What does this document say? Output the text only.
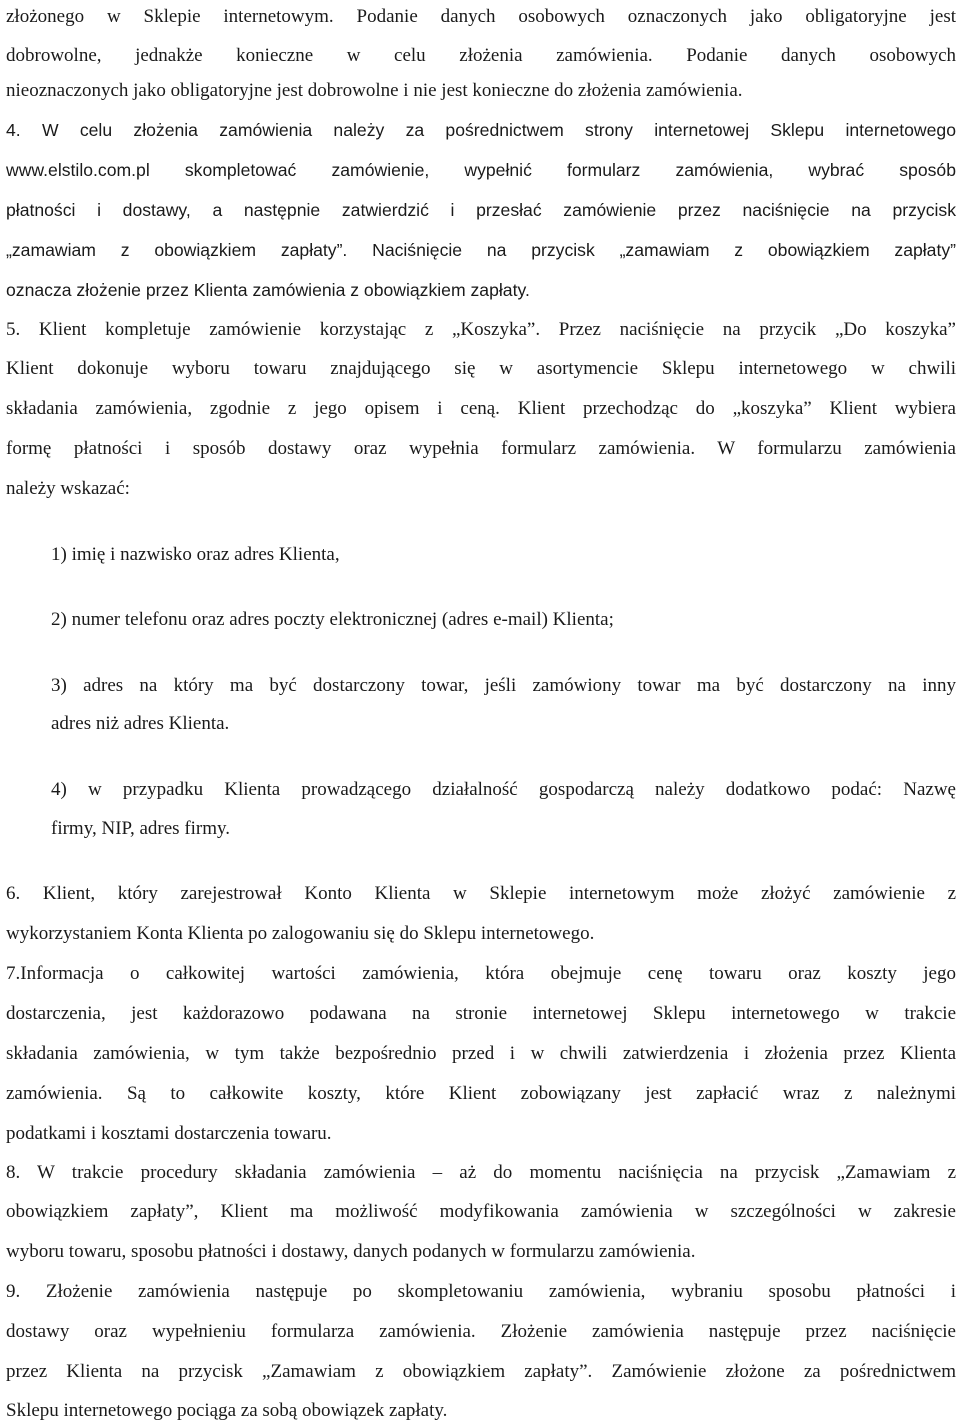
złożonego w Sklepie internetowym. Podanie danych osobowych oznaczonych jako obligatoryjne jest
dobrowolne, jednakże konieczne w celu złożenia zamówienia. Podanie danych osobowych
nieoznaczonych jako obligatoryjne jest dobrowolne i nie jest konieczne do złożenia zamówienia.
4. W celu złożenia zamówienia należy za pośrednictwem strony internetowej Sklepu internetowego
www.elstilo.com.pl skompletować zamówienie, wypełnić formularz zamówienia, wybrać sposób
płatności i dostawy, a następnie zatwierdzić i przesłać zamówienie przez naciśnięcie na przycisk
„zamawiam z obowiązkiem zapłaty”. Naciśnięcie na przycisk „zamawiam z obowiązkiem zapłaty”
oznacza złożenie przez Klienta zamówienia z obowiązkiem zapłaty.
5. Klient kompletuje zamówienie korzystając z „Koszyka”. Przez naciśnięcie na przycik „Do koszyka”
Klient dokonuje wyboru towaru znajdującego się w asortymencie Sklepu internetowego w chwili
składania zamówienia, zgodnie z jego opisem i ceną. Klient przechodząc do „koszyka” Klient wybiera
formę płatności i sposób dostawy oraz wypełnia formularz zamówienia. W formularzu zamówienia
należy wskazać:
1) imię i nazwisko oraz adres Klienta,
2) numer telefonu oraz adres poczty elektronicznej (adres e-mail) Klienta;
3) adres na który ma być dostarczony towar, jeśli zamówiony towar ma być dostarczony na inny
adres niż adres Klienta.
4) w przypadku Klienta prowadzącego działalność gospodarczą należy dodatkowo podać: Nazwę
firmy, NIP, adres firmy.
6. Klient, który zarejestrował Konto Klienta w Sklepie internetowym może złożyć zamówienie z
wykorzystaniem Konta Klienta po zalogowaniu się do Sklepu internetowego.
7.Informacja o całkowitej wartości zamówienia, która obejmuje cenę towaru oraz koszty jego
dostarczenia, jest każdorazowo podawana na stronie internetowej Sklepu internetowego w trakcie
składania zamówienia, w tym także bezpośrednio przed i w chwili zatwierdzenia i złożenia przez Klienta
zamówienia. Są to całkowite koszty, które Klient zobowiązany jest zapłacić wraz z należnymi
podatkami i kosztami dostarczenia towaru.
8. W trakcie procedury składania zamówienia – aż do momentu naciśnięcia na przycisk „Zamawiam z
obowiązkiem zapłaty”, Klient ma możliwość modyfikowania zamówienia w szczególności w zakresie
wyboru towaru, sposobu płatności i dostawy, danych podanych w formularzu zamówienia.
9. Złożenie zamówienia następuje po skompletowaniu zamówienia, wybraniu sposobu płatności i
dostawy oraz wypełnieniu formularza zamówienia. Złożenie zamówienia następuje przez naciśnięcie
przez Klienta na przycisk „Zamawiam z obowiązkiem zapłaty”. Zamówienie złożone za pośrednictwem
Sklepu internetowego pociąga za sobą obowiązek zapłaty.
